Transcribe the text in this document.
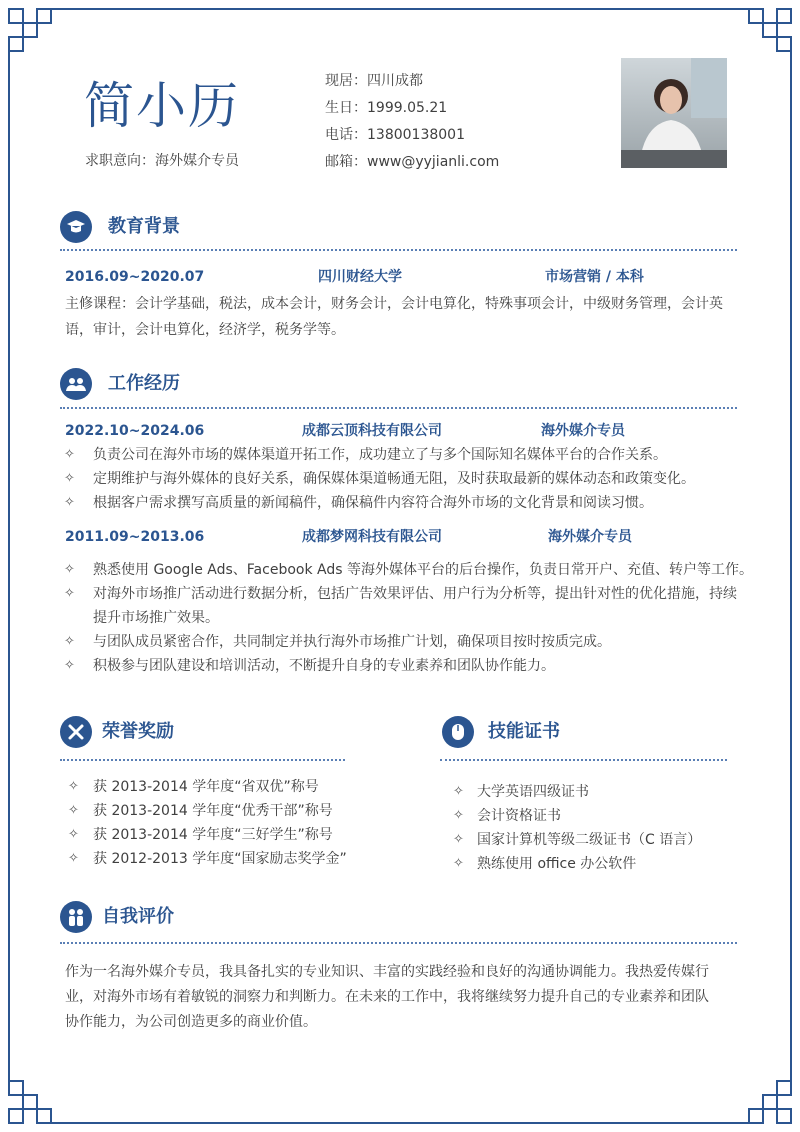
简小历
求职意向：海外媒介专员
现居：四川成都
生日：1999.05.21
电话：13800138001
邮箱：www@yyjianli.com
教育背景
2016.09~2020.07	四川财经大学	市场营销 / 本科
主修课程：会计学基础，税法，成本会计，财务会计，会计电算化，特殊事项会计，中级财务管理，会计英
语，审计，会计电算化，经济学，税务学等。
工作经历
2022.10~2024.06	成都云顶科技有限公司	海外媒介专员
✧ 负责公司在海外市场的媒体渠道开拓工作，成功建立了与多个国际知名媒体平台的合作关系。
✧ 定期维护与海外媒体的良好关系，确保媒体渠道畅通无阻，及时获取最新的媒体动态和政策变化。
✧ 根据客户需求撰写高质量的新闻稿件，确保稿件内容符合海外市场的文化背景和阅读习惯。
2011.09~2013.06	成都梦网科技有限公司	海外媒介专员
✧ 熟悉使用 Google Ads、Facebook Ads 等海外媒体平台的后台操作，负责日常开户、充值、转户等工作。
✧ 对海外市场推广活动进行数据分析，包括广告效果评估、用户行为分析等，提出针对性的优化措施，持续
提升市场推广效果。
✧ 与团队成员紧密合作，共同制定并执行海外市场推广计划，确保项目按时按质完成。
✧ 积极参与团队建设和培训活动，不断提升自身的专业素养和团队协作能力。
荣誉奖励
✧ 获 2013-2014 学年度“省双优”称号
✧ 获 2013-2014 学年度“优秀干部”称号
✧ 获 2013-2014 学年度“三好学生”称号
✧ 获 2012-2013 学年度“国家励志奖学金”
技能证书
✧ 大学英语四级证书
✧ 会计资格证书
✧ 国家计算机等级二级证书（C 语言）
✧ 熟练使用 office 办公软件
自我评价
作为一名海外媒介专员，我具备扎实的专业知识、丰富的实践经验和良好的沟通协调能力。我热爱传媒行
业，对海外市场有着敏锐的洞察力和判断力。在未来的工作中，我将继续努力提升自己的专业素养和团队
协作能力，为公司创造更多的商业价值。
